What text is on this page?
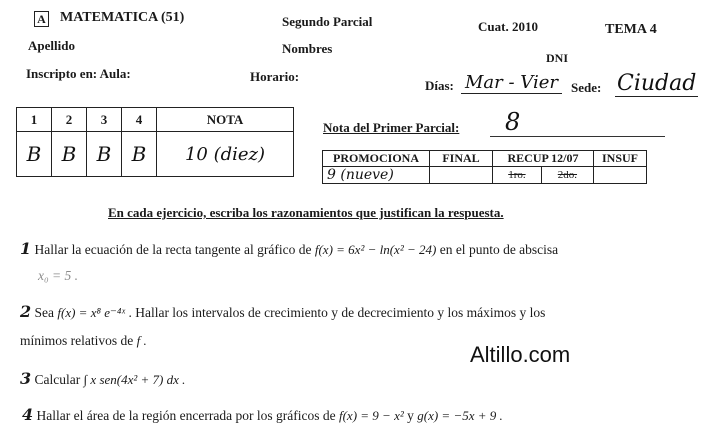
A MATEMATICA (51)	Segundo Parcial	Cuat. 2010	TEMA 4
Apellido	Nombres
DNI
Inscripto en: Aula:	Horario:
Días: Mar - Vier	Sede: Ciudad
1	2	3	4	NOTA
B	B	B	B	10 (diez)
Nota del Primer Parcial: 8
PROMOCIONA	FINAL	RECUP 12/07		INSUF
9 (nueve)		1ro.	2do.	
En cada ejercicio, escriba los razonamientos que justifican la respuesta.
1 Hallar la ecuación de la recta tangente al gráfico de f(x) = 6x² − ln(x² − 24) en el punto de abscisa
x₀ = 5 .
2 Sea f(x) = x⁸ e⁻⁴ˣ . Hallar los intervalos de crecimiento y de decrecimiento y los máximos y los
mínimos relativos de f .
Altillo.com
3 Calcular ∫ x sen(4x² + 7) dx .
4 Hallar el área de la región encerrada por los gráficos de f(x) = 9 − x² y g(x) = −5x + 9 .
